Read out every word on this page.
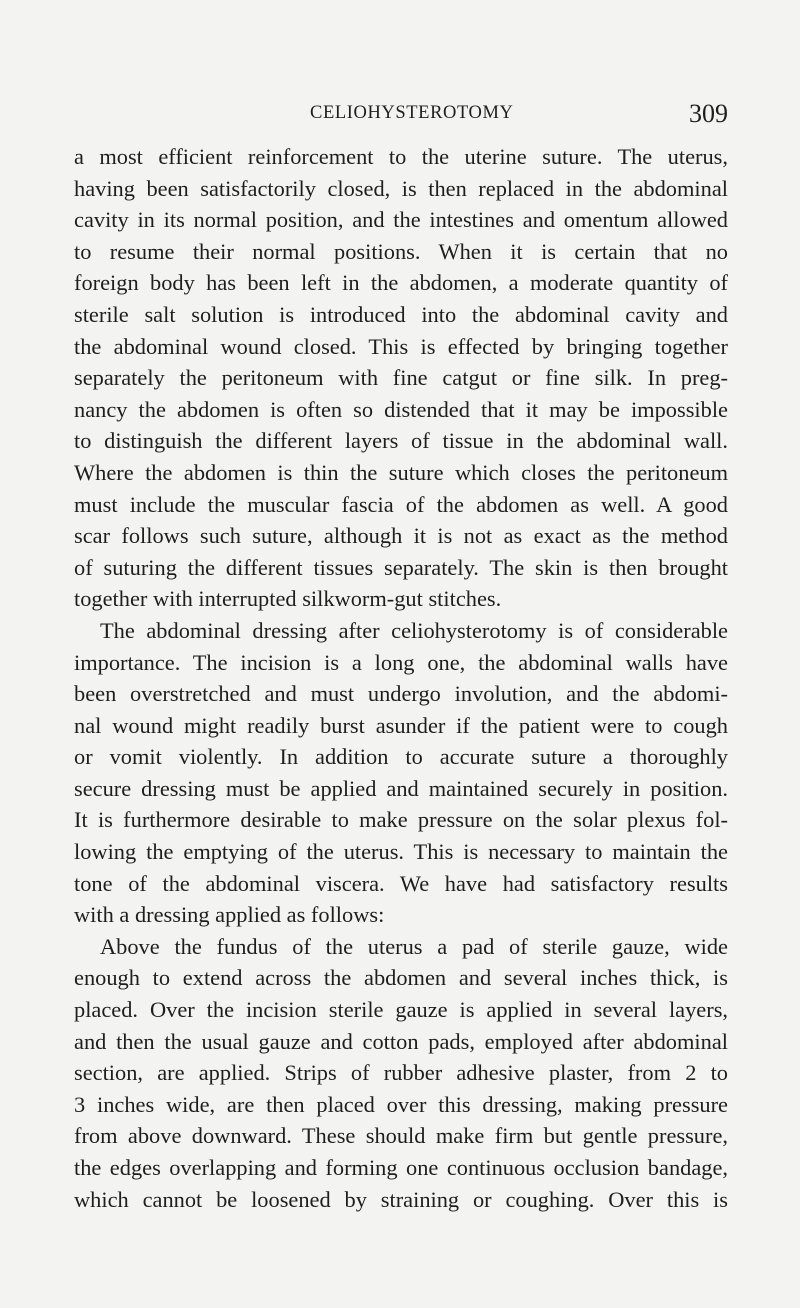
CELIOHYSTEROTOMY	309
a most efficient reinforcement to the uterine suture. The uterus,
having been satisfactorily closed, is then replaced in the abdominal
cavity in its normal position, and the intestines and omentum allowed
to resume their normal positions. When it is certain that no
foreign body has been left in the abdomen, a moderate quantity of
sterile salt solution is introduced into the abdominal cavity and
the abdominal wound closed. This is effected by bringing together
separately the peritoneum with fine catgut or fine silk. In preg-
nancy the abdomen is often so distended that it may be impossible
to distinguish the different layers of tissue in the abdominal wall.
Where the abdomen is thin the suture which closes the peritoneum
must include the muscular fascia of the abdomen as well. A good
scar follows such suture, although it is not as exact as the method
of suturing the different tissues separately. The skin is then brought
together with interrupted silkworm-gut stitches.
The abdominal dressing after celiohysterotomy is of considerable
importance. The incision is a long one, the abdominal walls have
been overstretched and must undergo involution, and the abdomi-
nal wound might readily burst asunder if the patient were to cough
or vomit violently. In addition to accurate suture a thoroughly
secure dressing must be applied and maintained securely in position.
It is furthermore desirable to make pressure on the solar plexus fol-
lowing the emptying of the uterus. This is necessary to maintain the
tone of the abdominal viscera. We have had satisfactory results
with a dressing applied as follows:
Above the fundus of the uterus a pad of sterile gauze, wide
enough to extend across the abdomen and several inches thick, is
placed. Over the incision sterile gauze is applied in several layers,
and then the usual gauze and cotton pads, employed after abdominal
section, are applied. Strips of rubber adhesive plaster, from 2 to
3 inches wide, are then placed over this dressing, making pressure
from above downward. These should make firm but gentle pressure,
the edges overlapping and forming one continuous occlusion bandage,
which cannot be loosened by straining or coughing. Over this is
